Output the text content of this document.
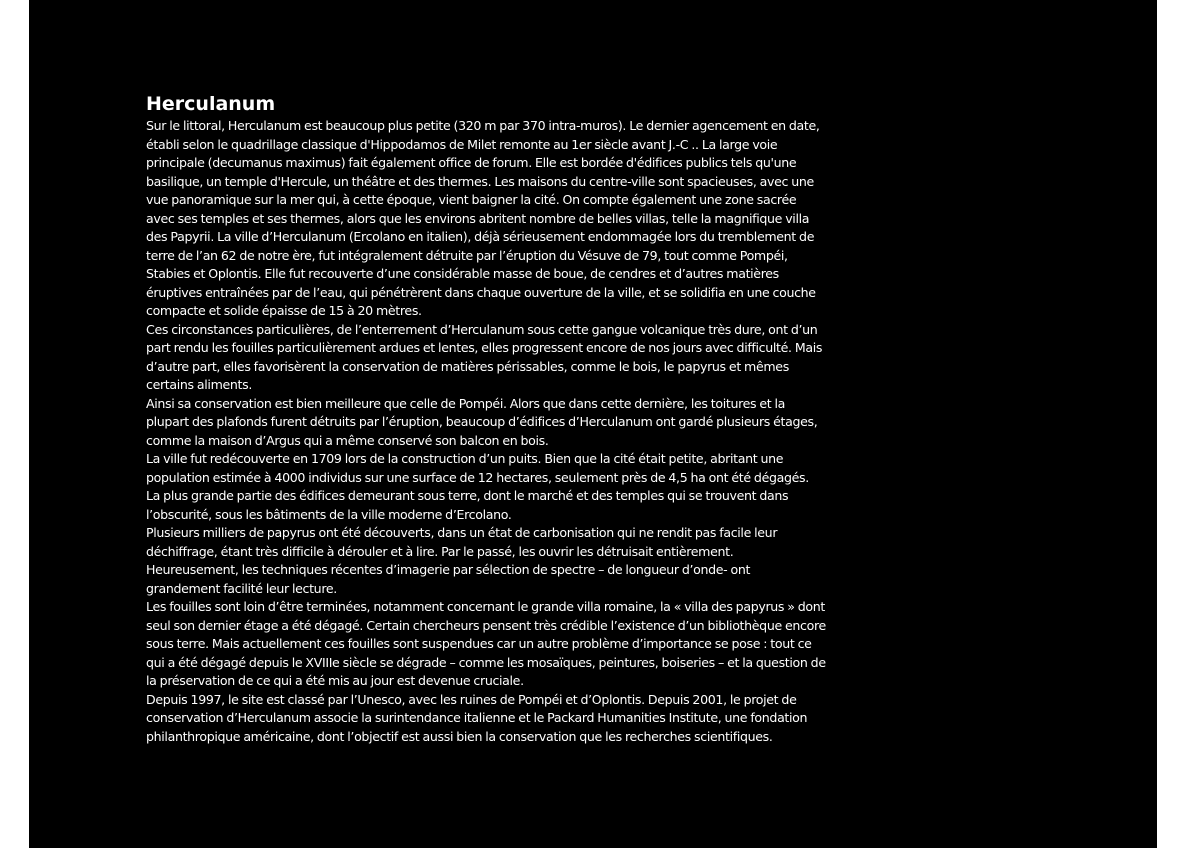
Herculanum

Sur le littoral, Herculanum est beaucoup plus petite (320 m par 370 intra-muros). Le dernier agencement en date, établi selon le quadrillage classique d'Hippodamos de Milet remonte au 1er siècle avant J.-C .. La large voie principale (decumanus maximus) fait également office de forum. Elle est bordée d'édifices publics tels qu'une basilique, un temple d'Hercule, un théâtre et des thermes. Les maisons du centre-ville sont spacieuses, avec une vue panoramique sur la mer qui, à cette époque, vient baigner la cité. On compte également une zone sacrée avec ses temples et ses thermes, alors que les environs abritent nombre de belles villas, telle la magnifique villa des Papyrii. La ville d’Herculanum (Ercolano en italien), déjà sérieusement endommagée lors du tremblement de terre de l’an 62 de notre ère, fut intégralement détruite par l’éruption du Vésuve de 79, tout comme Pompéi, Stabies et Oplontis. Elle fut recouverte d’une considérable masse de boue, de cendres et d’autres matières éruptives entraînées par de l’eau, qui pénétrèrent dans chaque ouverture de la ville, et se solidifia en une couche compacte et solide épaisse de 15 à 20 mètres.

Ces circonstances particulières, de l’enterrement d’Herculanum sous cette gangue volcanique très dure, ont d’un part rendu les fouilles particulièrement ardues et lentes, elles progressent encore de nos jours avec difficulté. Mais d’autre part, elles favorisèrent la conservation de matières périssables, comme le bois, le papyrus et mêmes certains aliments.

Ainsi sa conservation est bien meilleure que celle de Pompéi. Alors que dans cette dernière, les toitures et la plupart des plafonds furent détruits par l’éruption, beaucoup d’édifices d’Herculanum ont gardé plusieurs étages, comme la maison d’Argus qui a même conservé son balcon en bois.

La ville fut redécouverte en 1709 lors de la construction d’un puits. Bien que la cité était petite, abritant une population estimée à 4000 individus sur une surface de 12 hectares, seulement près de 4,5 ha ont été dégagés. La plus grande partie des édifices demeurant sous terre, dont le marché et des temples qui se trouvent dans l’obscurité, sous les bâtiments de la ville moderne d’Ercolano.

Plusieurs milliers de papyrus ont été découverts, dans un état de carbonisation qui ne rendit pas facile leur déchiffrage, étant très difficile à dérouler et à lire. Par le passé, les ouvrir les détruisait entièrement. Heureusement, les techniques récentes d’imagerie par sélection de spectre – de longueur d’onde- ont grandement facilité leur lecture.

Les fouilles sont loin d’être terminées, notamment concernant le grande villa romaine, la « villa des papyrus » dont seul son dernier étage a été dégagé. Certain chercheurs pensent très crédible l’existence d’un bibliothèque encore sous terre. Mais actuellement ces fouilles sont suspendues car un autre problème d’importance se pose : tout ce qui a été dégagé depuis le XVIIIe siècle se dégrade – comme les mosaïques, peintures, boiseries – et la question de la préservation de ce qui a été mis au jour est devenue cruciale.

Depuis 1997, le site est classé par l’Unesco, avec les ruines de Pompéi et d’Oplontis. Depuis 2001, le projet de conservation d’Herculanum associe la surintendance italienne et le Packard Humanities Institute, une fondation philanthropique américaine, dont l’objectif est aussi bien la conservation que les recherches scientifiques.
